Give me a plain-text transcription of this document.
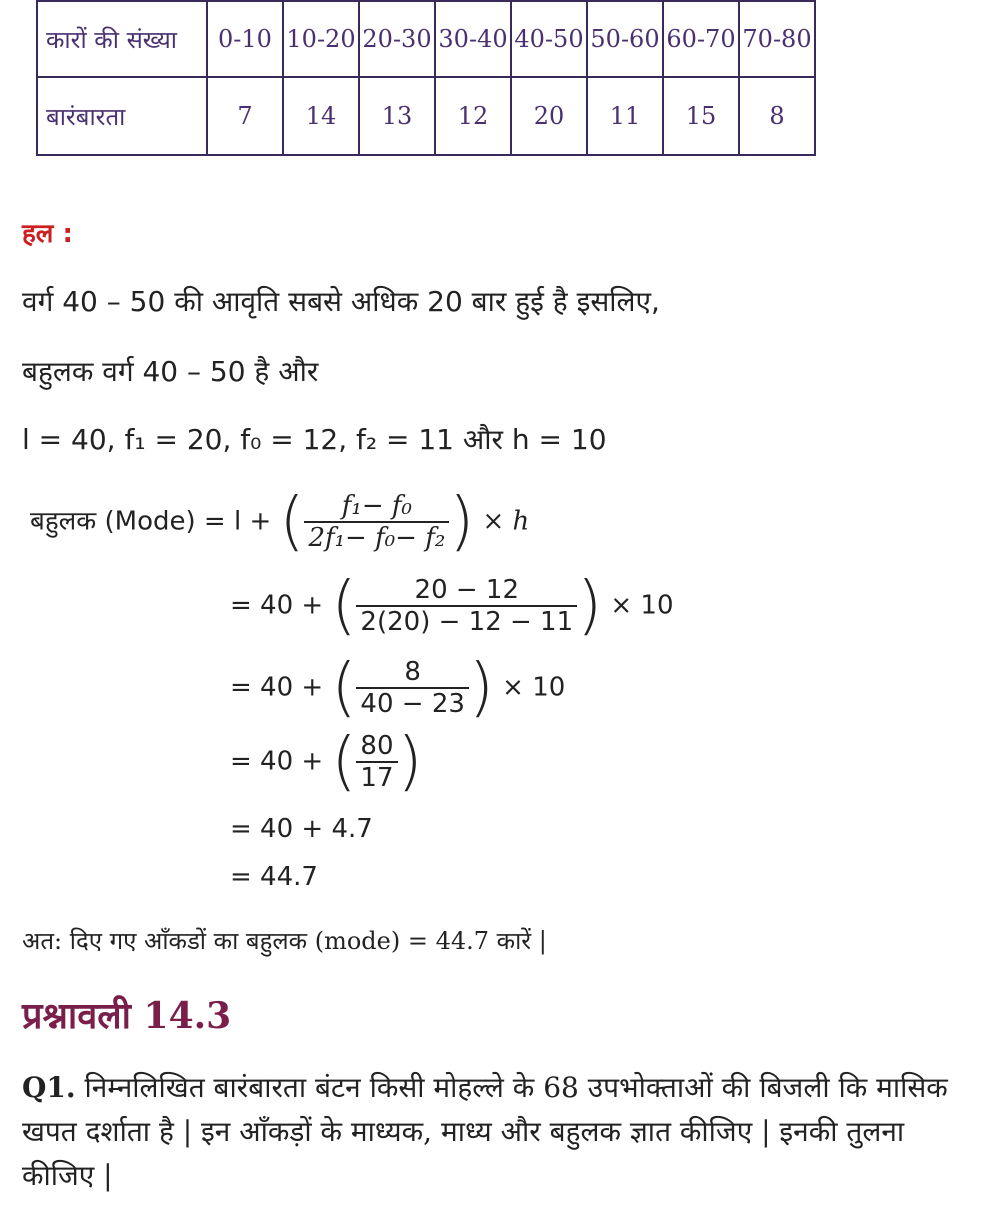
कारों की संख्या	0-10	10-20	20-30	30-40	40-50	50-60	60-70	70-80
बारंबारता	7	14	13	12	20	11	15	8
हल :
वर्ग 40 – 50 की आवृति सबसे अधिक 20 बार हुई है इसलिए,
बहुलक वर्ग 40 – 50 है और
l = 40, f₁ = 20, f₀ = 12, f₂ = 11 और h = 10
बहुलक (Mode) = l + ( $\frac{\text{f₁− f₀}}{\text{2f₁− f₀− f₂}}$ ) × h
= 40 + ( $\frac{20 - 12}{2(20) - 12 - 11}$ ) × 10
= 40 + ( $\frac{8}{40 - 23}$ ) × 10
= 40 + ( $\frac{80}{17}$ )
= 40 + 4.7
= 44.7
अत: दिए गए आँकडों का बहुलक (mode) = 44.7 कारें |
प्रश्नावली 14.3
Q1. निम्नलिखित बारंबारता बंटन किसी मोहल्ले के 68 उपभोक्ताओं की बिजली कि मासिक खपत दर्शाता है | इन आँकड़ों के माध्यक, माध्य और बहुलक ज्ञात कीजिए | इनकी तुलना कीजिए |
